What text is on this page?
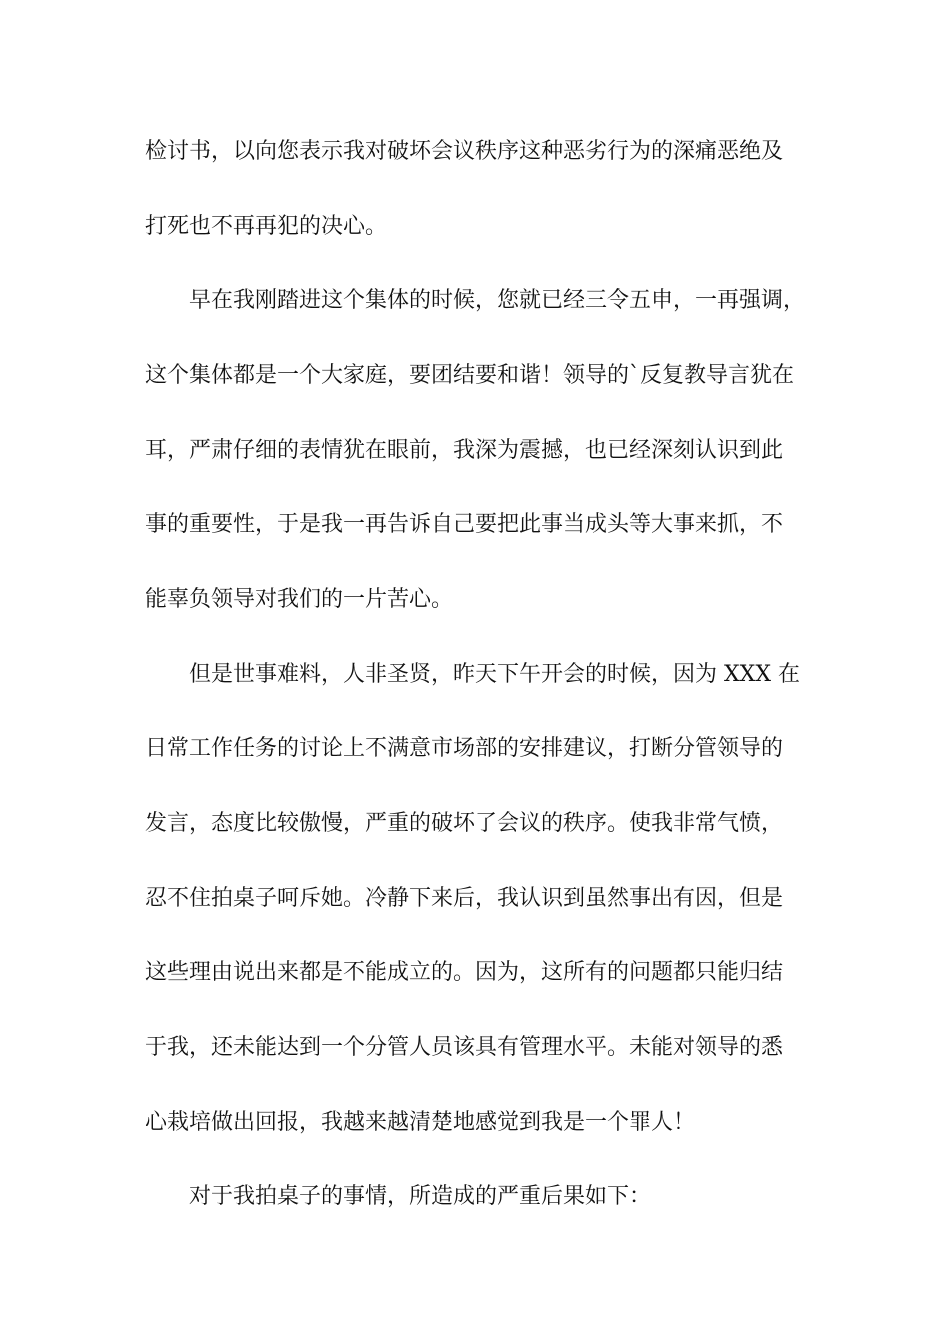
检讨书，以向您表示我对破坏会议秩序这种恶劣行为的深痛恶绝及
打死也不再再犯的决心。
早在我刚踏进这个集体的时候，您就已经三令五申，一再强调，
这个集体都是一个大家庭，要团结要和谐！领导的`反复教导言犹在
耳，严肃仔细的表情犹在眼前，我深为震撼，也已经深刻认识到此
事的重要性，于是我一再告诉自己要把此事当成头等大事来抓，不
能辜负领导对我们的一片苦心。
但是世事难料，人非圣贤，昨天下午开会的时候，因为 XXX 在
日常工作任务的讨论上不满意市场部的安排建议，打断分管领导的
发言，态度比较傲慢，严重的破坏了会议的秩序。使我非常气愤，
忍不住拍桌子呵斥她。冷静下来后，我认识到虽然事出有因，但是
这些理由说出来都是不能成立的。因为，这所有的问题都只能归结
于我，还未能达到一个分管人员该具有管理水平。未能对领导的悉
心栽培做出回报，我越来越清楚地感觉到我是一个罪人！
对于我拍桌子的事情，所造成的严重后果如下：
